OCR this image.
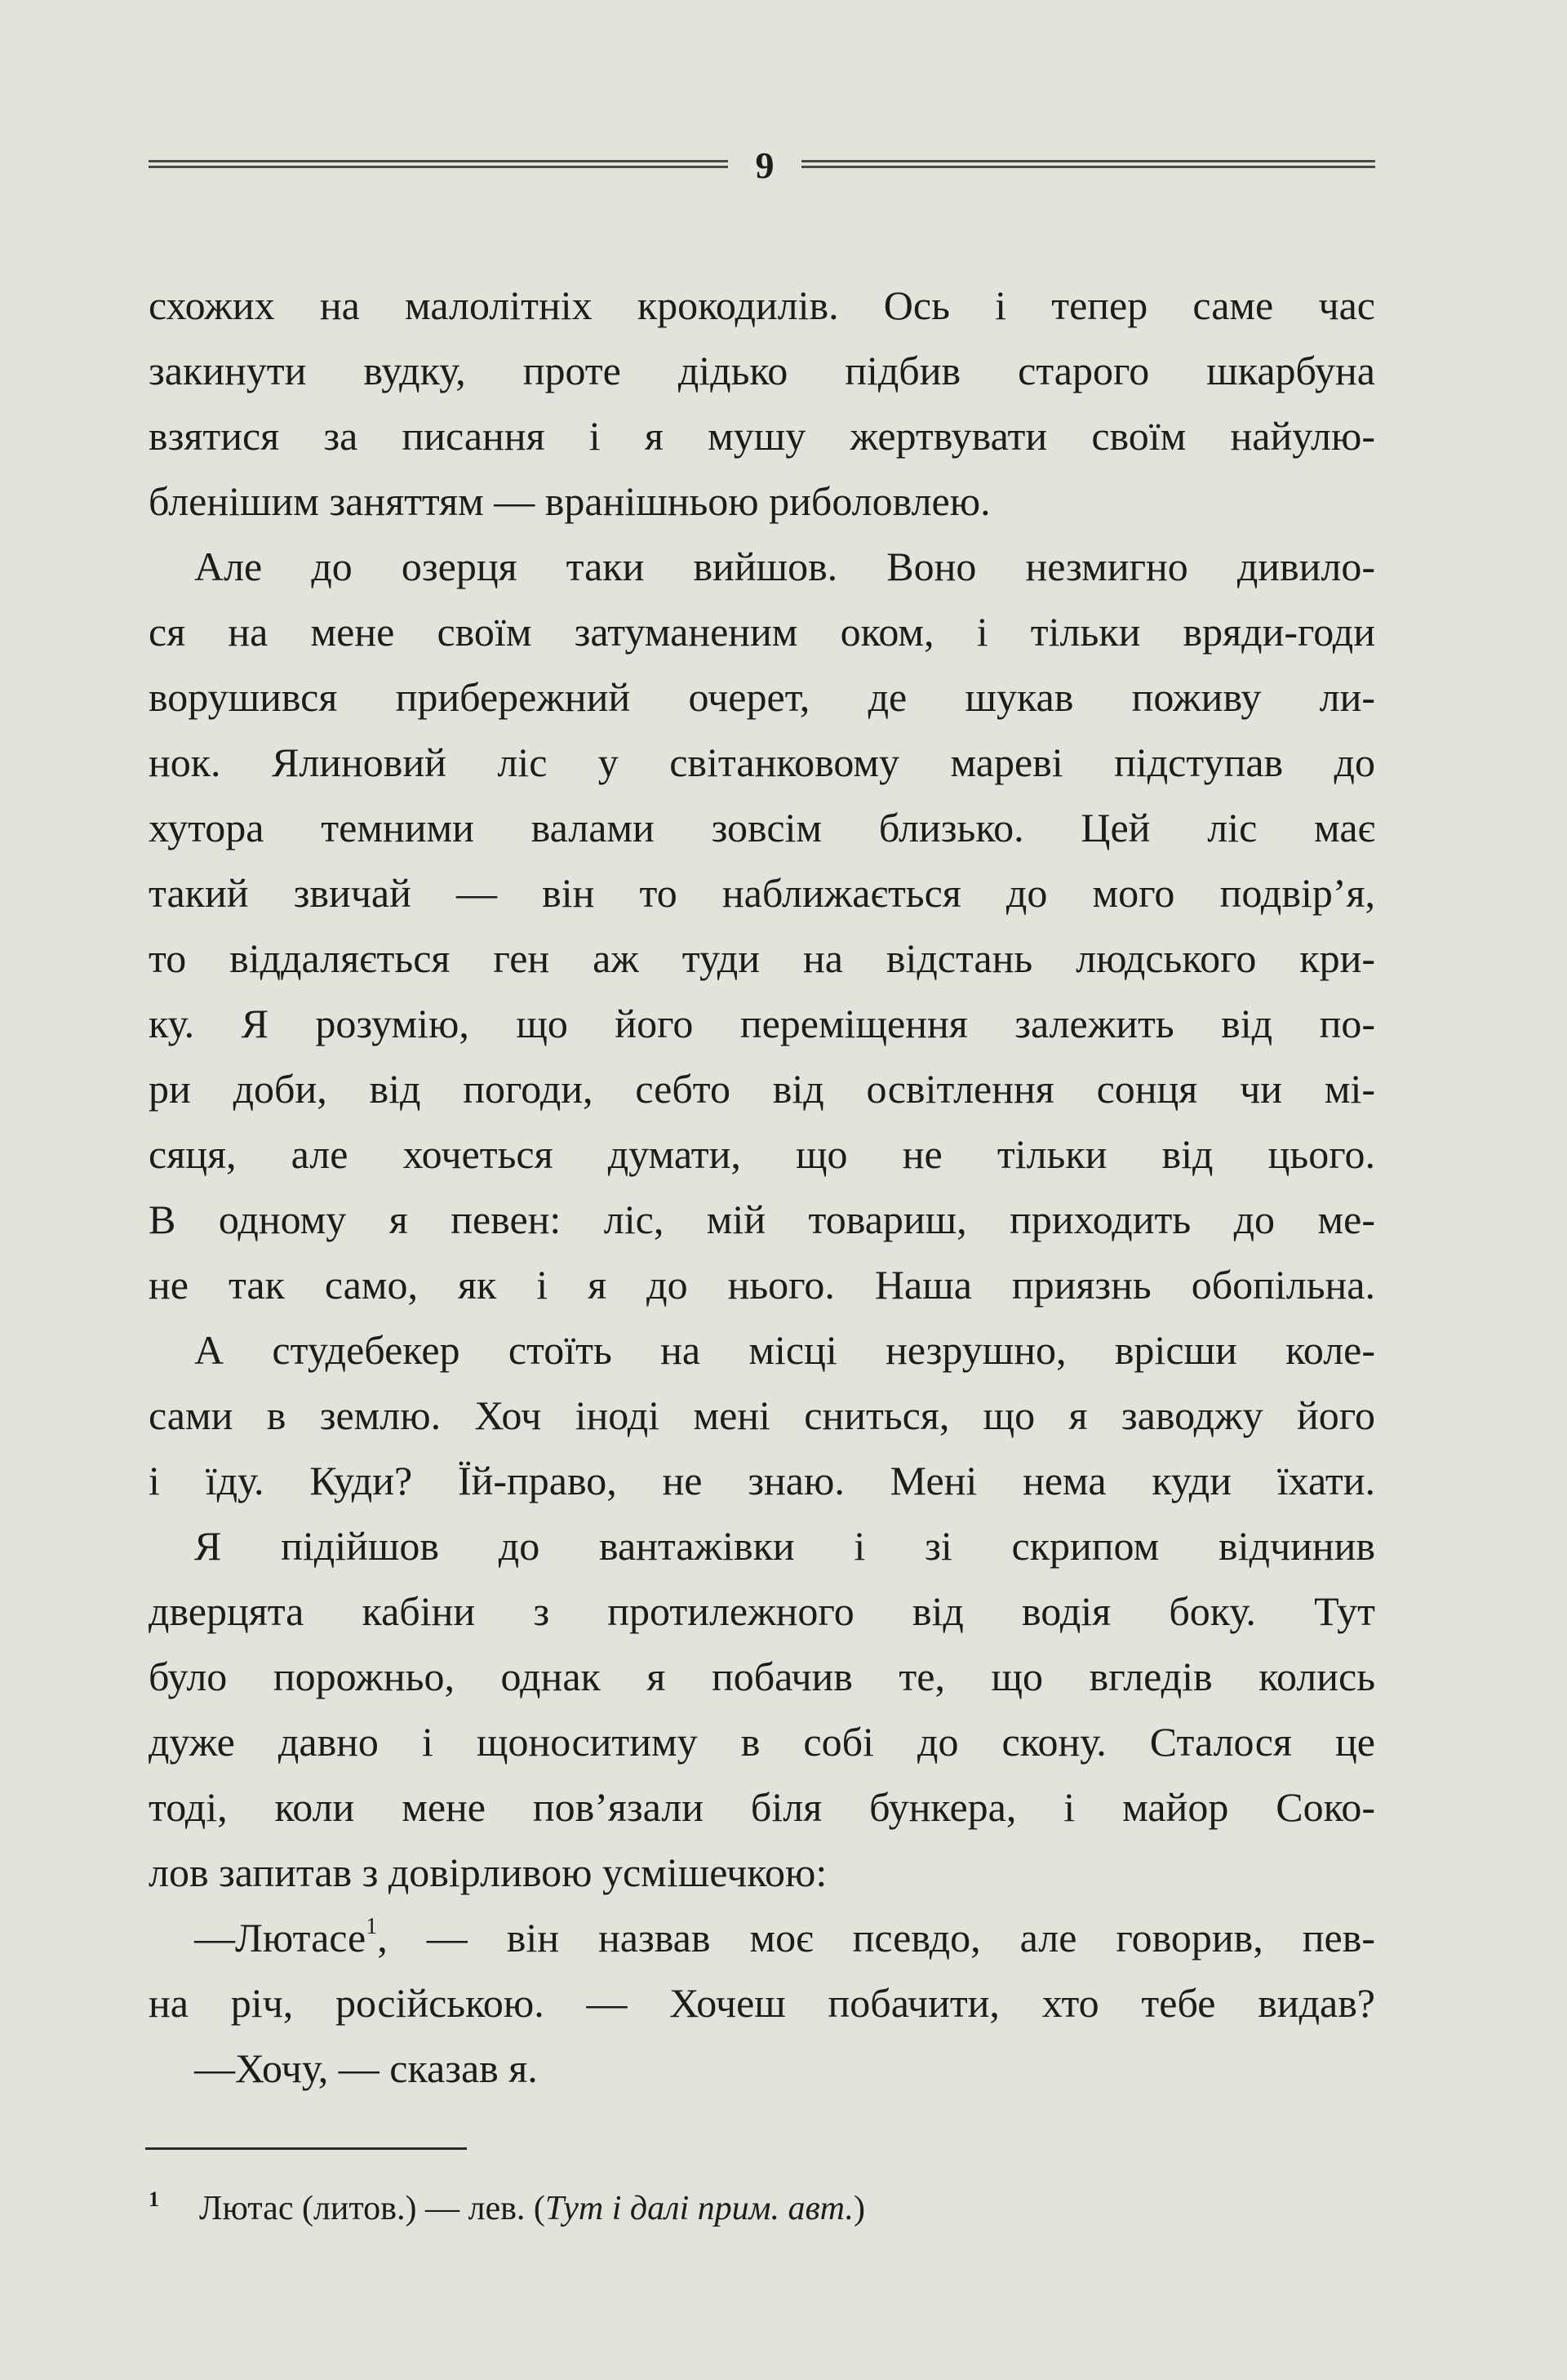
9
схожих на малолітніх крокодилів. Ось і тепер саме час
закинути вудку, проте дідько підбив старого шкарбуна
взятися за писання і я мушу жертвувати своїм найулю-
бленішим заняттям — вранішньою риболовлею.
Але до озерця таки вийшов. Воно незмигно дивило-
ся на мене своїм затуманеним оком, і тільки вряди-годи
ворушився прибережний очерет, де шукав поживу ли-
нок. Ялиновий ліс у світанковому мареві підступав до
хутора темними валами зовсім близько. Цей ліс має
такий звичай — він то наближається до мого подвір’я,
то віддаляється ген аж туди на відстань людського кри-
ку. Я розумію, що його переміщення залежить від по-
ри доби, від погоди, себто від освітлення сонця чи мі-
сяця, але хочеться думати, що не тільки від цього.
В одному я певен: ліс, мій товариш, приходить до ме-
не так само, як і я до нього. Наша приязнь обопільна.
А студебекер стоїть на місці незрушно, врісши коле-
сами в землю. Хоч іноді мені сниться, що я заводжу його
і їду. Куди? Їй-право, не знаю. Мені нема куди їхати.
Я підійшов до вантажівки і зі скрипом відчинив
дверцята кабіни з протилежного від водія боку. Тут
було порожньо, однак я побачив те, що вгледів колись
дуже давно і щоноситиму в собі до скону. Сталося це
тоді, коли мене пов’язали біля бункера, і майор Соко-
лов запитав з довірливою усмішечкою:
—Лютасе$^1$, — він назвав моє псевдо, але говорив, пев-
на річ, російською. — Хочеш побачити, хто тебе видав?
—Хочу, — сказав я.
1 Лютас (литов.) — лев. (Тут і далі прим. авт.)
